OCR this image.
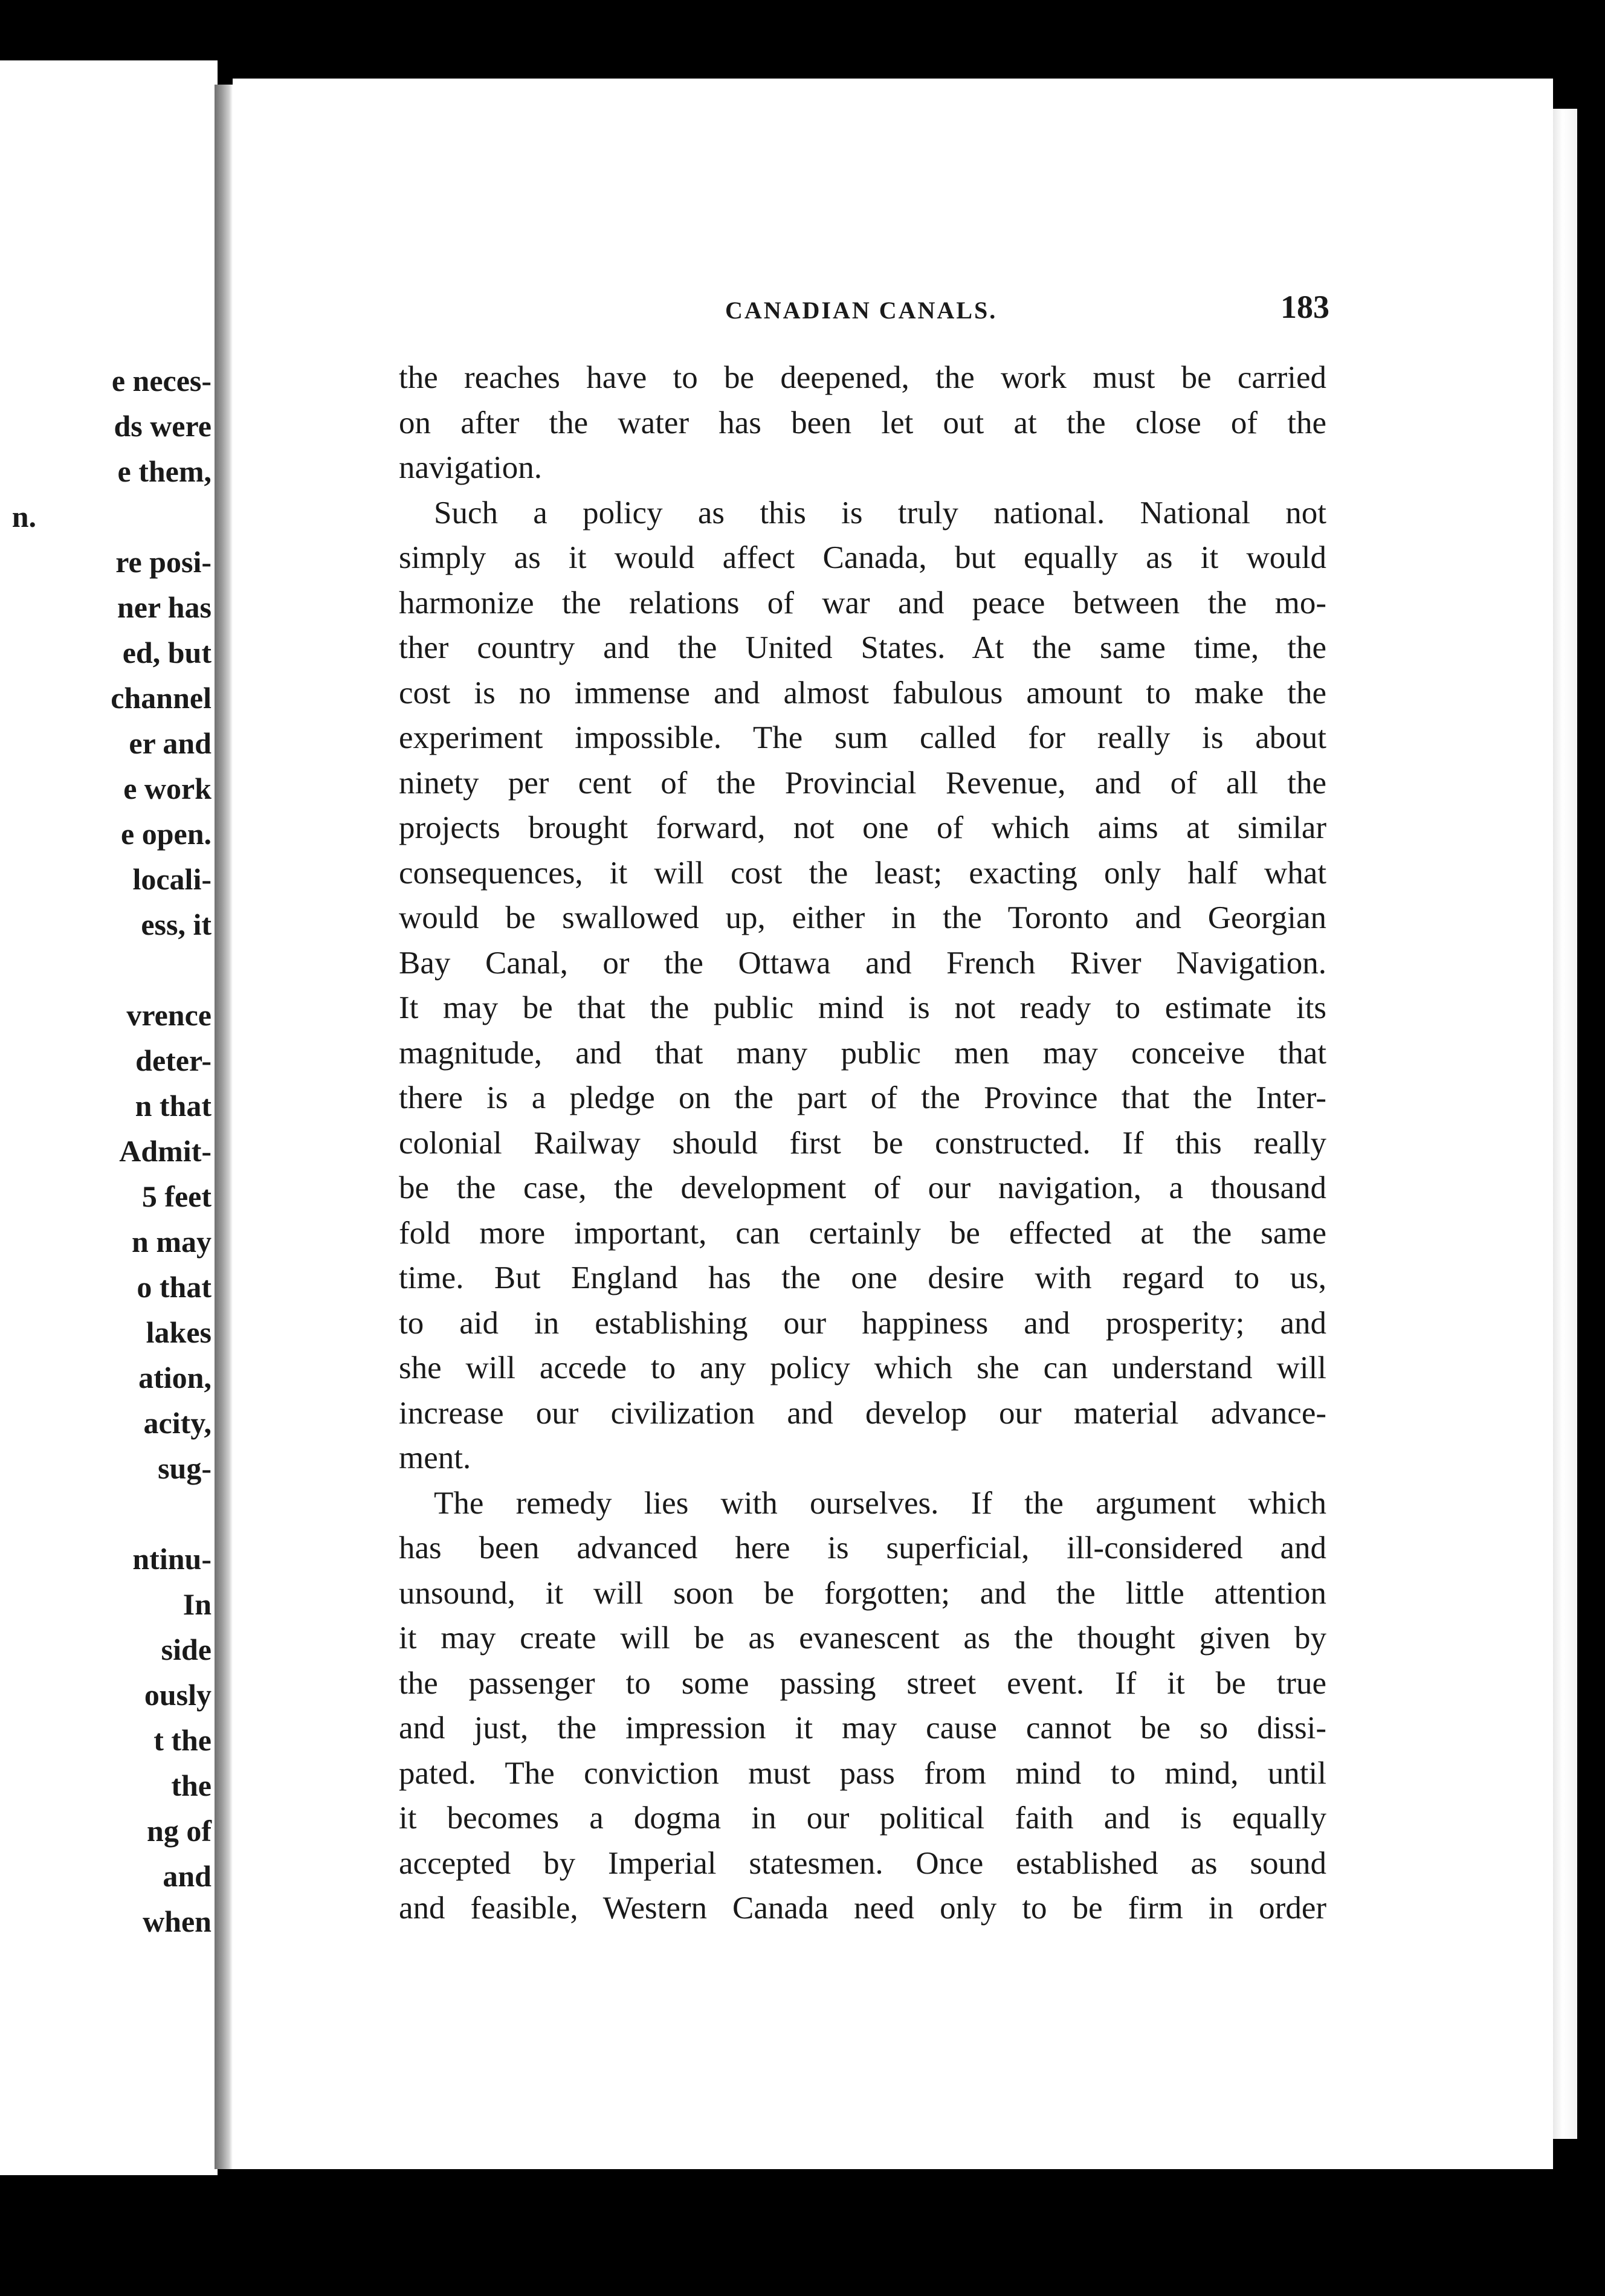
e neces-
ds were
e them,
n.
re posi-
ner has
ed, but
channel
er and
e work
e open.
locali-
ess, it
vrence
deter-
n that
Admit-
5 feet
n may
o that
lakes
ation,
acity,
sug-
ntinu-
In
side
ously
t the
the
ng of
and
when
CANADIAN CANALS.	183
the reaches have to be deepened, the work must be carried
on after the water has been let out at the close of the
navigation.
Such a policy as this is truly national. National not
simply as it would affect Canada, but equally as it would
harmonize the relations of war and peace between the mo-
ther country and the United States. At the same time, the
cost is no immense and almost fabulous amount to make the
experiment impossible. The sum called for really is about
ninety per cent of the Provincial Revenue, and of all the
projects brought forward, not one of which aims at similar
consequences, it will cost the least; exacting only half what
would be swallowed up, either in the Toronto and Georgian
Bay Canal, or the Ottawa and French River Navigation.
It may be that the public mind is not ready to estimate its
magnitude, and that many public men may conceive that
there is a pledge on the part of the Province that the Inter-
colonial Railway should first be constructed. If this really
be the case, the development of our navigation, a thousand
fold more important, can certainly be effected at the same
time. But England has the one desire with regard to us,
to aid in establishing our happiness and prosperity; and
she will accede to any policy which she can understand will
increase our civilization and develop our material advance-
ment.
The remedy lies with ourselves. If the argument which
has been advanced here is superficial, ill-considered and
unsound, it will soon be forgotten; and the little attention
it may create will be as evanescent as the thought given by
the passenger to some passing street event. If it be true
and just, the impression it may cause cannot be so dissi-
pated. The conviction must pass from mind to mind, until
it becomes a dogma in our political faith and is equally
accepted by Imperial statesmen. Once established as sound
and feasible, Western Canada need only to be firm in order
